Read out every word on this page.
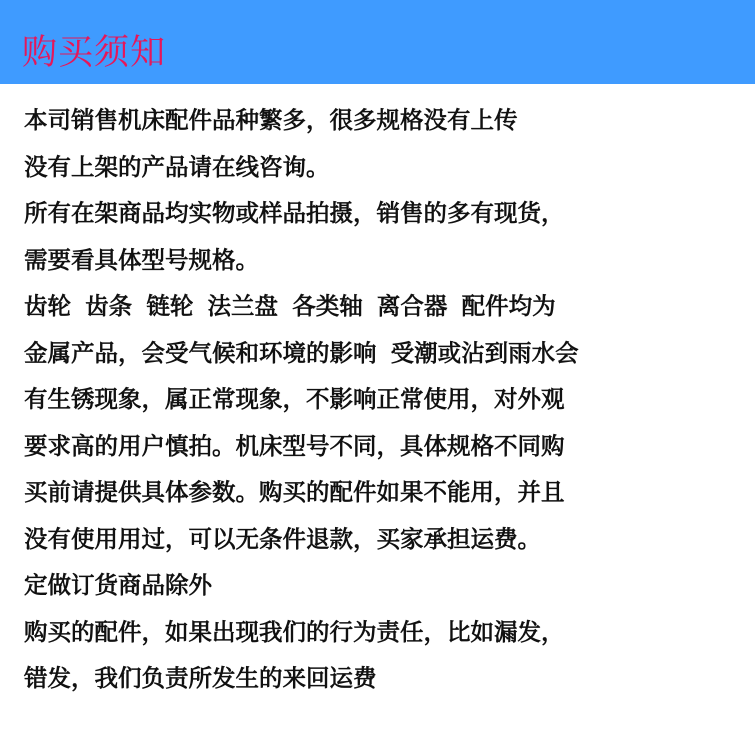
购买须知
本司销售机床配件品种繁多，很多规格没有上传
没有上架的产品请在线咨询。
所有在架商品均实物或样品拍摄，销售的多有现货，
需要看具体型号规格。
齿轮 齿条 链轮 法兰盘 各类轴 离合器 配件均为
金属产品，会受气候和环境的影响 受潮或沾到雨水会
有生锈现象，属正常现象，不影响正常使用，对外观
要求高的用户慎拍。机床型号不同，具体规格不同购
买前请提供具体参数。购买的配件如果不能用，并且
没有使用用过，可以无条件退款，买家承担运费。
定做订货商品除外
购买的配件，如果出现我们的行为责任，比如漏发，
错发，我们负责所发生的来回运费
